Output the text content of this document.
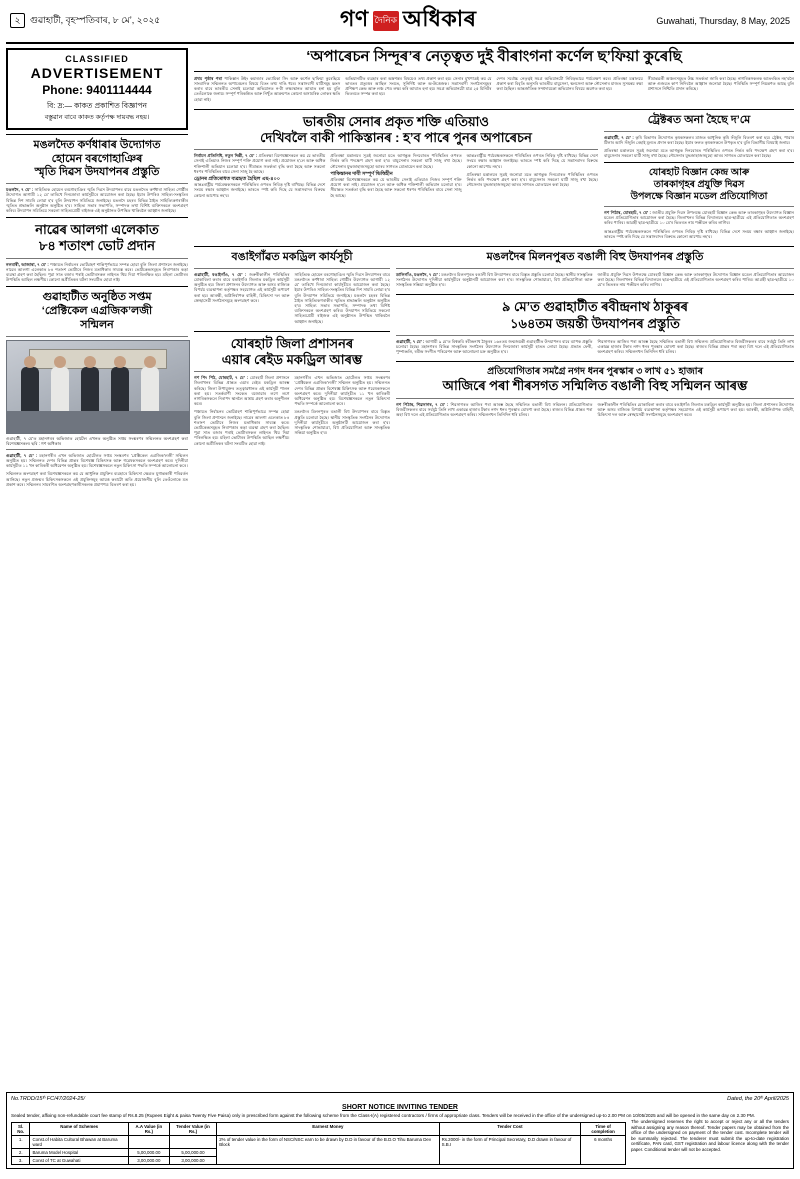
২	গুৱাহাটী, বৃহস্পতিবাৰ, ৮ মে’, ২০২৫	গণ দৈনিক অধিকাৰ	Guwahati, Thursday, 8 May, 2025
CLASSIFIED
ADVERTISEMENT
Phone: 9401114444
বি: দ্ৰ:— কাকত প্ৰকাশিত বিজ্ঞাপন
বস্তুৱান বাবে কাকত কৰ্তৃপক্ষ দায়বদ্ধ নহয়।
মঙলদৈত কৰ্ণধাৰাৰ উদ্যোগত
হোমেন বৰগোহাঞিৰ
স্মৃতি দিৱস উদযাপনৰ প্ৰস্তুতি

মঙলদৈ, ৭ মে’ : সাহিত্যিক হোমেন বৰগোহাঞিৰ স্মৃতি দিৱস উদযাপনৰ বাবে মঙলদৈত কৰ্ণধাৰা সাহিত্য গোষ্ঠীৰ উদ্যোগত আগামী ১২ মে’ তাৰিখে দিনজোৰা কাৰ্যসূচীৰে আয়োজন কৰা হৈছে। ইয়াৰ উপৰিও সাহিত্য-সংস্কৃতিৰ বিভিন্ন দিশ সামৰি লোৱা হ’ব বুলি উদযাপন সমিতিয়ে জনাইছে। মঙলদৈ চহৰৰ বিভিন্ন ঠাইত সাহিত্যিকগৰাকীৰ স্মৃতিত শ্ৰদ্ধাঞ্জলি অনুষ্ঠান অনুষ্ঠিত হ’ব। সাহিত্য সভাৰ সভাপতি, সম্পাদক তথা বিশিষ্ট ব্যক্তিসকলে অংশগ্ৰহণ কৰিব। উদযাপন সমিতিয়ে সকলো সাহিত্যপ্ৰেমী ৰাইজক এই অনুষ্ঠানত উপস্থিত থাকিবলৈ আহ্বান জনাইছে।

নাৱেৰ আলগা এলেকাত
৮৪ শতাংশ ভোট প্ৰদান

নলবাৰী, আজাৰা, ৭ মে’ : পঞ্চায়ত নিৰ্বাচনৰ ভোটগ্ৰহণ শান্তিপূৰ্ণভাৱে সম্পন্ন হোৱা বুলি জিলা প্ৰশাসনে জনাইছে। নাৱেৰ আলগা এলেকাত ৮৪ শতাংশ ভোটাৰে নিজৰ মতাধিকাৰ সাব্যস্ত কৰে। ভোটকেন্দ্ৰসমূহত নিৰাপত্তাৰ কড়া ব্যৱস্থা গ্ৰহণ কৰা হৈছিল। পুৱা সাত বজাৰ পৰাই ভোটাৰসকল লাইনত থিয় দিয়া পৰিলক্ষিত হয়। মহিলা ভোটাৰৰ উপস্থিতি আছিল লক্ষণীয়। কোনো অপ্ৰীতিকৰ ঘটনা সংঘটিত হোৱা নাই।

গুৱাহাটীত অনুষ্ঠিত সপ্তম
‘প্ৰেক্টিকেল এগ্ৰজিক’লজী
সন্মিলন
গুৱাহাটী, ৭ মে’ত মহানগৰৰ অভিজাত হোটেল এখনত অনুষ্ঠিত সপ্তম সংস্কৰণৰ সন্মিলনত অংশগ্ৰহণ কৰা বিশেষজ্ঞসকল। ছবি : গণ অধিকাৰ

গুৱাহাটী, ৭ মে’ : মহানগৰীৰ এখন অভিজাত হোটেলত সপ্তম সংস্কৰণৰ ‘প্ৰেক্টিকেল এগ্ৰজিক’লজী’ সন্মিলন অনুষ্ঠিত হয়। সন্মিলনত দেশৰ বিভিন্ন প্ৰান্তৰ বিশেষজ্ঞ চিকিৎসক আৰু গৱেষকসকলে অংশগ্ৰহণ কৰে। দুদিনীয়া কাৰ্যসূচীত ১১ খন কাৰিকৰী অধিৱেশন অনুষ্ঠিত হয়। বিশেষজ্ঞসকলে নতুন চিকিৎসা পদ্ধতি সম্পৰ্কে আলোচনা কৰে।

সন্মিলনত অংশগ্ৰহণ কৰা বিশেষজ্ঞসকলে কয় যে আধুনিক প্ৰযুক্তিৰ ব্যৱহাৰে চিকিৎসা ক্ষেত্ৰত যুগান্তকাৰী পৰিৱৰ্তন আনিছে। নতুন প্ৰজন্মৰ চিকিৎসকসকলে এই প্ৰযুক্তিসমূহ আয়ত্ত কৰাটো অতি প্ৰয়োজনীয় বুলি তেওঁলোকে মত প্ৰকাশ কৰে। সন্মিলনৰ সামৰণিত অংশগ্ৰহণকাৰীসকলক প্ৰমাণপত্ৰ বিতৰণ কৰা হয়।

‘অপাৰেচন সিন্দূৰ’ৰ নেতৃত্বত দুই বীৰাংগনা কৰ্ণেল ছ’ফিয়া কুৰেছি

প্ৰথম পৃষ্ঠাৰ পৰা পাকিস্তান উইং কমাণ্ডাৰ ভ্যোমিকা সিং আৰু কৰ্ণেল ছ’ফিয়া কুৰেছিয়ে সাংবাদিক সন্মিলনত অপাৰেচনৰ বিষয়ে বিতং তথ্য দাঙি ধৰে। সন্ত্ৰাসবাদী ঘাটিসমূহ ধ্বংস কৰাৰ বাবে ভাৰতীয় সেনাই চলোৱা অভিযানত ন-টা লক্ষ্যস্থানত আঘাত হনা হয় বুলি তেওঁলোকে জনায়। সম্পূৰ্ণ পৰিকল্পিত আৰু নিখুঁত আক্ৰমণত কোনো অসামৰিক লোকৰ ক্ষতি হোৱা নাই।

অভিযানটিত ব্যৱহাৰ কৰা অস্ত্ৰশস্ত্ৰৰ বিষয়েও তথ্য প্ৰকাশ কৰা হয়। সেনাৰ মুখপাত্ৰই কয় যে ভাৰতৰ প্ৰত্যুত্তৰ আছিল সংযত, সুনিৰ্দিষ্ট আৰু অ-উত্তেজক। সন্ত্ৰাসবাদী সংগঠনসমূহৰ প্ৰশিক্ষণ কেন্দ্ৰ আৰু লঞ্চ পেড লক্ষ্য কৰি আঘাত হনা হয়। সমগ্ৰ অভিযানটো মাত্ৰ ২৫ মিনিটৰ ভিতৰতে সম্পন্ন কৰা হয়।

দেশৰ সৰ্বোচ্চ নেতৃত্বই সমগ্ৰ অভিযানটো নিবিড়ভাৱে পৰ্যবেক্ষণ কৰে। প্ৰতিৰক্ষা মন্ত্ৰালয়ে প্ৰকাশ কৰা বিবৃতি অনুসৰি ভাৰতীয় বায়ুসেনা, স্থলসেনা আৰু নৌসেনাৰ মাজত সুসমন্বয় ৰক্ষা কৰা হৈছিল। আন্তৰ্জাতিক সম্প্ৰদায়কো অভিযানৰ বিষয়ে অৱগত কৰা হয়।

সীমান্তৱৰ্তী অঞ্চলসমূহত উচ্চ সতৰ্কতা জাৰি কৰা হৈছে। নাগৰিকসকলক আতংকিত নহ’বলৈ আৰু গুজৱত কাণ নিদিবলৈ আহ্বান জনোৱা হৈছে। পৰিস্থিতি সম্পূৰ্ণ নিয়ন্ত্ৰণত আছে বুলি প্ৰশাসনে নিশ্চিতি প্ৰদান কৰিছে।

ভাৰতীয় সেনাৰ প্ৰকৃত শক্তি এতিয়াও
দেখিবলৈ বাকী পাকিস্তানৰ : হ’ব পাৰে পুনৰ অপাৰেচন

নিৰ্বাচন প্ৰতিনিধি, নতুন দিল্লী, ৭ মে’ : প্ৰতিৰক্ষা বিশেষজ্ঞসকলে কয় যে ভাৰতীয় সেনাই এতিয়াও নিজৰ সম্পূৰ্ণ শক্তি প্ৰয়োগ কৰা নাই। প্ৰয়োজন হ’লে আৰু অধিক শক্তিশালী অভিযান চলোৱা হ’ব। সীমান্তত সতৰ্কতা বৃদ্ধি কৰা হৈছে আৰু সকলো ধৰণৰ পৰিস্থিতিৰ বাবে সেনা সাজু হৈ আছে।

ড্ৰোনৰ প্ৰতিৰোধত ব্যৱহৃত হৈছিল এছ-৪০০

আন্তঃৰাষ্ট্ৰীয় পৰ্যবেক্ষকসকলে পৰিস্থিতিৰ ওপৰত নিবিড় দৃষ্টি ৰাখিছে। বিভিন্ন দেশে সংযম ৰক্ষাৰ আহ্বান জনাইছে। ভাৰতে স্পষ্ট কৰি দিছে যে সন্ত্ৰাসবাদৰ বিৰুদ্ধে কোনো আপোচ নহ’ব।

প্ৰতিৰক্ষা মন্ত্ৰালয়ৰ সূত্ৰই জনোৱা মতে আগন্তুক দিনবোৰত পৰিস্থিতিৰ ওপৰত নিৰ্ভৰ কৰি পদক্ষেপ গ্ৰহণ কৰা হ’ব। বায়ুসেনাৰ সকলো ঘাটি সাজু ৰখা হৈছে। নৌসেনাৰ যুদ্ধজাহাজসমূহো আৰব সাগৰত মোতায়েন কৰা হৈছে।

পাকিস্তানৰ দাবী সম্পূৰ্ণ ভিত্তিহীন

প্ৰতিৰক্ষা বিশেষজ্ঞসকলে কয় যে ভাৰতীয় সেনাই এতিয়াও নিজৰ সম্পূৰ্ণ শক্তি প্ৰয়োগ কৰা নাই। প্ৰয়োজন হ’লে আৰু অধিক শক্তিশালী অভিযান চলোৱা হ’ব। সীমান্তত সতৰ্কতা বৃদ্ধি কৰা হৈছে আৰু সকলো ধৰণৰ পৰিস্থিতিৰ বাবে সেনা সাজু হৈ আছে।

আন্তঃৰাষ্ট্ৰীয় পৰ্যবেক্ষকসকলে পৰিস্থিতিৰ ওপৰত নিবিড় দৃষ্টি ৰাখিছে। বিভিন্ন দেশে সংযম ৰক্ষাৰ আহ্বান জনাইছে। ভাৰতে স্পষ্ট কৰি দিছে যে সন্ত্ৰাসবাদৰ বিৰুদ্ধে কোনো আপোচ নহ’ব।

প্ৰতিৰক্ষা মন্ত্ৰালয়ৰ সূত্ৰই জনোৱা মতে আগন্তুক দিনবোৰত পৰিস্থিতিৰ ওপৰত নিৰ্ভৰ কৰি পদক্ষেপ গ্ৰহণ কৰা হ’ব। বায়ুসেনাৰ সকলো ঘাটি সাজু ৰখা হৈছে। নৌসেনাৰ যুদ্ধজাহাজসমূহো আৰব সাগৰত মোতায়েন কৰা হৈছে।

ট্ৰেক্টৰত অনা হৈছে দ’মে

গুৱাহাটী, ৭ মে’ : কৃষি বিভাগৰ উদ্যোগত কৃষকসকলৰ মাজত আধুনিক কৃষি সঁজুলি বিতৰণ কৰা হয়। ট্ৰেক্টৰ, পাৱাৰ টিলাৰ আদি সঁজুলি ৰেহাই মূল্যত প্ৰদান কৰা হৈছে। ইয়াৰ ফলত কৃষকসকলে উপকৃত হ’ব বুলি বিভাগীয় বিষয়াই জনায়।

প্ৰতিৰক্ষা মন্ত্ৰালয়ৰ সূত্ৰই জনোৱা মতে আগন্তুক দিনবোৰত পৰিস্থিতিৰ ওপৰত নিৰ্ভৰ কৰি পদক্ষেপ গ্ৰহণ কৰা হ’ব। বায়ুসেনাৰ সকলো ঘাটি সাজু ৰখা হৈছে। নৌসেনাৰ যুদ্ধজাহাজসমূহো আৰব সাগৰত মোতায়েন কৰা হৈছে।

যোৰহাট বিজ্ঞান কেন্দ্ৰ আৰু
তাৰকাগৃহৰ প্ৰযুক্তি দিৱস
উপলক্ষে বিজ্ঞান মডেল প্ৰতিযোগিতা

গণ পিঠাৰ, যোৰহাট, ৭ মে’ : জাতীয় প্ৰযুক্তি দিৱস উপলক্ষে যোৰহাট বিজ্ঞান কেন্দ্ৰ আৰু তাৰকাগৃহৰ উদ্যোগত বিজ্ঞান মডেল প্ৰতিযোগিতাৰ আয়োজন কৰা হৈছে। জিলাখনৰ বিভিন্ন বিদ্যালয়ৰ ছাত্ৰ-ছাত্ৰীয়ে এই প্ৰতিযোগিতাত অংশগ্ৰহণ কৰিব পাৰিব। আগ্ৰহী ছাত্ৰ-ছাত্ৰীয়ে ১০ মে’ৰ ভিতৰত নাম পঞ্জীয়ন কৰিব লাগিব।

আন্তঃৰাষ্ট্ৰীয় পৰ্যবেক্ষকসকলে পৰিস্থিতিৰ ওপৰত নিবিড় দৃষ্টি ৰাখিছে। বিভিন্ন দেশে সংযম ৰক্ষাৰ আহ্বান জনাইছে। ভাৰতে স্পষ্ট কৰি দিছে যে সন্ত্ৰাসবাদৰ বিৰুদ্ধে কোনো আপোচ নহ’ব।

বঙাইগাঁৱত মকড্ৰিল কাৰ্যসূচী

গুৱাহাটী, বঙাইগাঁও, ৭ মে’ : জৰুৰীকালীন পৰিস্থিতিৰ মোকাবিলা কৰাৰ বাবে বঙাইগাঁও জিলাত মকড্ৰিল কাৰ্যসূচী অনুষ্ঠিত হয়। জিলা প্ৰশাসনৰ উদ্যোগত আৰু অসম ৰাজ্যিক বিপৰ্যয় ব্যৱস্থাপনা কৰ্তৃপক্ষৰ সহযোগত এই কাৰ্যসূচী ৰূপায়ণ কৰা হয়। আৰক্ষী, অগ্নিনিৰ্বাপক বাহিনী, চিকিৎসা দল আৰু স্বেচ্ছাসেৱী সংগঠনসমূহে অংশগ্ৰহণ কৰে।

সাহিত্যিক হোমেন বৰগোহাঞিৰ স্মৃতি দিৱস উদযাপনৰ বাবে মঙলদৈত কৰ্ণধাৰা সাহিত্য গোষ্ঠীৰ উদ্যোগত আগামী ১২ মে’ তাৰিখে দিনজোৰা কাৰ্যসূচীৰে আয়োজন কৰা হৈছে। ইয়াৰ উপৰিও সাহিত্য-সংস্কৃতিৰ বিভিন্ন দিশ সামৰি লোৱা হ’ব বুলি উদযাপন সমিতিয়ে জনাইছে। মঙলদৈ চহৰৰ বিভিন্ন ঠাইত সাহিত্যিকগৰাকীৰ স্মৃতিত শ্ৰদ্ধাঞ্জলি অনুষ্ঠান অনুষ্ঠিত হ’ব। সাহিত্য সভাৰ সভাপতি, সম্পাদক তথা বিশিষ্ট ব্যক্তিসকলে অংশগ্ৰহণ কৰিব। উদযাপন সমিতিয়ে সকলো সাহিত্যপ্ৰেমী ৰাইজক এই অনুষ্ঠানত উপস্থিত থাকিবলৈ আহ্বান জনাইছে।

যোৰহাট জিলা প্ৰশাসনৰ
এয়াৰ ৰেইড মকড্ৰিল আৰম্ভ

গণ পিং পিঠ, যোৰহাট, ৭ মে’ : যোৰহাট জিলা প্ৰশাসনে জিলাখনৰ বিভিন্ন প্ৰান্তত এয়াৰ ৰেইড মকড্ৰিল আৰম্ভ কৰিছে। জিলা উপায়ুক্তৰ তত্ত্বাৱধানত এই কাৰ্যসূচী পালন কৰা হয়। সতৰ্কবাণী সংকেত বজোৱাৰ লগে লগে নাগৰিকসকলে নিৰাপদ স্থানলৈ আশ্ৰয় গ্ৰহণ কৰাৰ অনুশীলন কৰে।

পঞ্চায়ত নিৰ্বাচনৰ ভোটগ্ৰহণ শান্তিপূৰ্ণভাৱে সম্পন্ন হোৱা বুলি জিলা প্ৰশাসনে জনাইছে। নাৱেৰ আলগা এলেকাত ৮৪ শতাংশ ভোটাৰে নিজৰ মতাধিকাৰ সাব্যস্ত কৰে। ভোটকেন্দ্ৰসমূহত নিৰাপত্তাৰ কড়া ব্যৱস্থা গ্ৰহণ কৰা হৈছিল। পুৱা সাত বজাৰ পৰাই ভোটাৰসকল লাইনত থিয় দিয়া পৰিলক্ষিত হয়। মহিলা ভোটাৰৰ উপস্থিতি আছিল লক্ষণীয়। কোনো অপ্ৰীতিকৰ ঘটনা সংঘটিত হোৱা নাই।

মহানগৰীৰ এখন অভিজাত হোটেলত সপ্তম সংস্কৰণৰ ‘প্ৰেক্টিকেল এগ্ৰজিক’লজী’ সন্মিলন অনুষ্ঠিত হয়। সন্মিলনত দেশৰ বিভিন্ন প্ৰান্তৰ বিশেষজ্ঞ চিকিৎসক আৰু গৱেষকসকলে অংশগ্ৰহণ কৰে। দুদিনীয়া কাৰ্যসূচীত ১১ খন কাৰিকৰী অধিৱেশন অনুষ্ঠিত হয়। বিশেষজ্ঞসকলে নতুন চিকিৎসা পদ্ধতি সম্পৰ্কে আলোচনা কৰে।

মঙলদৈৰ মিলনপুৰত বঙালী বিহু উদযাপনৰ বাবে বিস্তৃত প্ৰস্তুতি চলোৱা হৈছে। স্থানীয় সাংস্কৃতিক সংগঠনৰ উদ্যোগত দুদিনীয়া কাৰ্যসূচীৰে অনুষ্ঠানটি আয়োজন কৰা হ’ব। সাংস্কৃতিক শোভাযাত্ৰা, বিহু প্ৰতিযোগিতা আৰু সাংস্কৃতিক সন্ধিয়া অনুষ্ঠিত হ’ব।

মঙলদৈৰ মিলনপুৰত বঙালী বিহু উদযাপনৰ প্ৰস্তুতি

ডালিগাঁও, মঙলদৈ, ৭ মে’ : মঙলদৈৰ মিলনপুৰত বঙালী বিহু উদযাপনৰ বাবে বিস্তৃত প্ৰস্তুতি চলোৱা হৈছে। স্থানীয় সাংস্কৃতিক সংগঠনৰ উদ্যোগত দুদিনীয়া কাৰ্যসূচীৰে অনুষ্ঠানটি আয়োজন কৰা হ’ব। সাংস্কৃতিক শোভাযাত্ৰা, বিহু প্ৰতিযোগিতা আৰু সাংস্কৃতিক সন্ধিয়া অনুষ্ঠিত হ’ব।

জাতীয় প্ৰযুক্তি দিৱস উপলক্ষে যোৰহাট বিজ্ঞান কেন্দ্ৰ আৰু তাৰকাগৃহৰ উদ্যোগত বিজ্ঞান মডেল প্ৰতিযোগিতাৰ আয়োজন কৰা হৈছে। জিলাখনৰ বিভিন্ন বিদ্যালয়ৰ ছাত্ৰ-ছাত্ৰীয়ে এই প্ৰতিযোগিতাত অংশগ্ৰহণ কৰিব পাৰিব। আগ্ৰহী ছাত্ৰ-ছাত্ৰীয়ে ১০ মে’ৰ ভিতৰত নাম পঞ্জীয়ন কৰিব লাগিব।

৯ মে’ত গুৱাহাটীত ৰবীন্দ্ৰনাথ ঠাকুৰৰ
১৬৪তম জয়ন্তী উদযাপনৰ প্ৰস্তুতি

গুৱাহাটী, ৭ মে’ : আগামী ৯ মে’ত বিশ্বকবি ৰবীন্দ্ৰনাথ ঠাকুৰৰ ১৬৪তম জন্মজয়ন্তী গুৱাহাটীত উদযাপনৰ বাবে ব্যাপক প্ৰস্তুতি চলোৱা হৈছে। মহানগৰৰ বিভিন্ন সাংস্কৃতিক সংগঠনৰ উদ্যোগত দিনজোৰা কাৰ্যসূচী হাতত লোৱা হৈছে। প্ৰভাত ফেৰী, পুষ্পাঞ্জলি, ৰবীন্দ্ৰ সংগীত পৰিৱেশন আৰু আলোচনা চক্ৰ অনুষ্ঠিত হ’ব।

শিৱসাগৰত আজিৰ পৰা আৰম্ভ হৈছে সন্মিলিত বঙালী বিহু সন্মিলন। প্ৰতিযোগিতাত বিজয়ীসকলৰ বাবে সৰ্বমুঠ তিনি লাখ একাৱন্ন হাজাৰ টকাৰ নগদ ধনৰ পুৰস্কাৰ ঘোষণা কৰা হৈছে। ৰাজ্যৰ বিভিন্ন প্ৰান্তৰ পৰা অহা বিহু দলে এই প্ৰতিযোগিতাত অংশগ্ৰহণ কৰিব। সন্মিলনখন তিনিদিন ধৰি চলিব।

প্ৰতিযোগিতাৰ সমগ্ৰৈ নগদ ধনৰ পুৰস্কাৰ ৩ লাখ ৫১ হাজাৰ
আজিৰে পৰা শীৰসগত সন্মিলিত বঙালী বিহু সন্মিলন আৰম্ভ

গণ পিঠাৰ, শিৱসাগৰ, ৭ মে’ : শিৱসাগৰত আজিৰ পৰা আৰম্ভ হৈছে সন্মিলিত বঙালী বিহু সন্মিলন। প্ৰতিযোগিতাত বিজয়ীসকলৰ বাবে সৰ্বমুঠ তিনি লাখ একাৱন্ন হাজাৰ টকাৰ নগদ ধনৰ পুৰস্কাৰ ঘোষণা কৰা হৈছে। ৰাজ্যৰ বিভিন্ন প্ৰান্তৰ পৰা অহা বিহু দলে এই প্ৰতিযোগিতাত অংশগ্ৰহণ কৰিব। সন্মিলনখন তিনিদিন ধৰি চলিব।

জৰুৰীকালীন পৰিস্থিতিৰ মোকাবিলা কৰাৰ বাবে বঙাইগাঁও জিলাত মকড্ৰিল কাৰ্যসূচী অনুষ্ঠিত হয়। জিলা প্ৰশাসনৰ উদ্যোগত আৰু অসম ৰাজ্যিক বিপৰ্যয় ব্যৱস্থাপনা কৰ্তৃপক্ষৰ সহযোগত এই কাৰ্যসূচী ৰূপায়ণ কৰা হয়। আৰক্ষী, অগ্নিনিৰ্বাপক বাহিনী, চিকিৎসা দল আৰু স্বেচ্ছাসেৱী সংগঠনসমূহে অংশগ্ৰহণ কৰে।

No.TRDD/15ᵗʰ FC/47/2024-25/	Dated, the 20ᵗʰ April/2025
SHORT NOTICE INVITING TENDER
Sealed tender, affixing non-refundable court fee stamp of Rs.8.25 (Rupees Eight & paisa Twenty Five Paisa) only in prescribed form against the following scheme from the Class-I(A) registered contractors / firms of appropriate class. Tenders will be received in the office of the undersigned up-to 2.00 PM on 10/05/2025 and will be opened in the same day on 2.30 PM.
Sl. No.	Name of Schemes	A.A Value (in Rs.)	Tender Value (in Rs.)	Earnest Money	Tender Cost	Time of completion
1.	Const.of Habita Cultural Bhawan at Baruma ward			2% of tender value in the form of NSC/NSC earn to be drawn by D.D in favour of the B.D.O Tihu Baruma Dev Block	Rs.2000/- in the form of Principal Secretary, D.D drawn in favour of S.B.I	6 months
2.	Baruma Model Hospital	5,00,000.00	5,00,000.00			
3.	Const of TC at Guwahati	3,00,000.00	3,00,000.00			
The undersigned reserves the right to accept or reject any or all the tenders without assigning any reason thereof. Tender papers may be obtained from the office of the undersigned on payment of the tender cost. Incomplete tender will be summarily rejected. The tenderer must submit the up-to-date registration certificate, PAN card, GST registration and labour licence along with the tender paper. Conditional tender will not be accepted.
